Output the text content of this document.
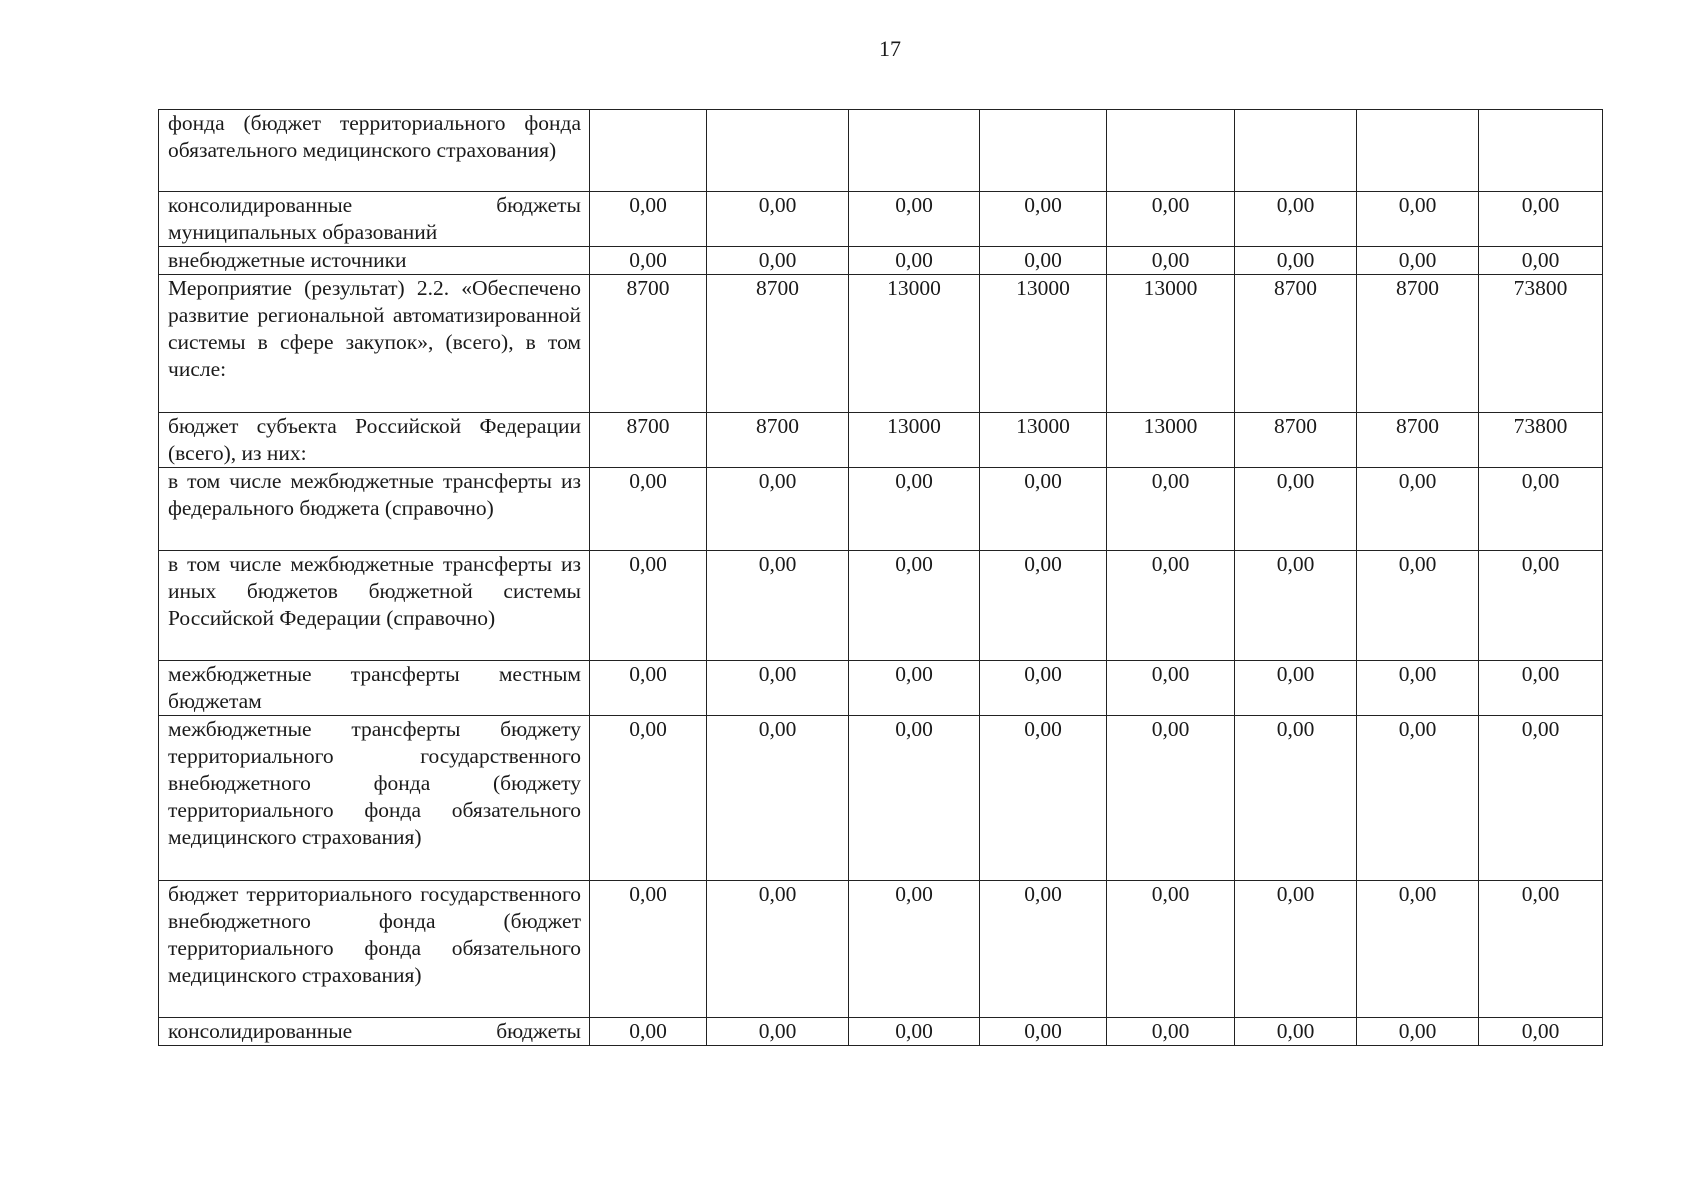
17
фонда (бюджет территориального фонда обязательного медицинского страхования)								
консолидированные бюджеты муниципальных образований	0,00	0,00	0,00	0,00	0,00	0,00	0,00	0,00
внебюджетные источники	0,00	0,00	0,00	0,00	0,00	0,00	0,00	0,00
Мероприятие (результат) 2.2. «Обеспечено развитие региональной автоматизированной системы в сфере закупок», (всего), в том числе:	8700	8700	13000	13000	13000	8700	8700	73800
бюджет субъекта Российской Федерации (всего), из них:	8700	8700	13000	13000	13000	8700	8700	73800
в том числе межбюджетные трансферты из федерального бюджета (справочно)	0,00	0,00	0,00	0,00	0,00	0,00	0,00	0,00
в том числе межбюджетные трансферты из иных бюджетов бюджетной системы Российской Федерации (справочно)	0,00	0,00	0,00	0,00	0,00	0,00	0,00	0,00
межбюджетные трансферты местным бюджетам	0,00	0,00	0,00	0,00	0,00	0,00	0,00	0,00
межбюджетные трансферты бюджету территориального государственного внебюджетного фонда (бюджету территориального фонда обязательного медицинского страхования)	0,00	0,00	0,00	0,00	0,00	0,00	0,00	0,00
бюджет территориального государственного внебюджетного фонда (бюджет территориального фонда обязательного медицинского страхования)	0,00	0,00	0,00	0,00	0,00	0,00	0,00	0,00
консолидированные бюджеты	0,00	0,00	0,00	0,00	0,00	0,00	0,00	0,00
